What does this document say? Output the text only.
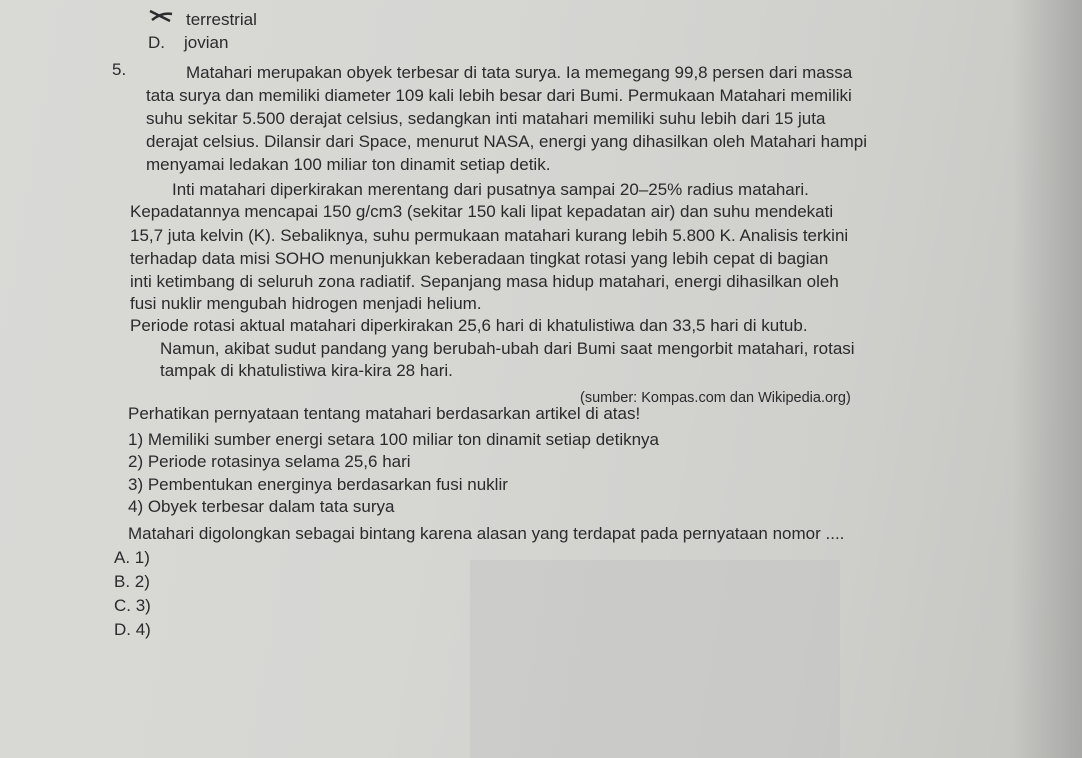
terrestrial
D. jovian
5.	Matahari merupakan obyek terbesar di tata surya. Ia memegang 99,8 persen dari massa
tata surya dan memiliki diameter 109 kali lebih besar dari Bumi. Permukaan Matahari memiliki
suhu sekitar 5.500 derajat celsius, sedangkan inti matahari memiliki suhu lebih dari 15 juta
derajat celsius. Dilansir dari Space, menurut NASA, energi yang dihasilkan oleh Matahari hampi
menyamai ledakan 100 miliar ton dinamit setiap detik.
Inti matahari diperkirakan merentang dari pusatnya sampai 20–25% radius matahari.
Kepadatannya mencapai 150 g/cm3 (sekitar 150 kali lipat kepadatan air) dan suhu mendekati
15,7 juta kelvin (K). Sebaliknya, suhu permukaan matahari kurang lebih 5.800 K. Analisis terkini
terhadap data misi SOHO menunjukkan keberadaan tingkat rotasi yang lebih cepat di bagian
inti ketimbang di seluruh zona radiatif. Sepanjang masa hidup matahari, energi dihasilkan oleh
fusi nuklir mengubah hidrogen menjadi helium.
Periode rotasi aktual matahari diperkirakan 25,6 hari di khatulistiwa dan 33,5 hari di kutub.
Namun, akibat sudut pandang yang berubah-ubah dari Bumi saat mengorbit matahari, rotasi
tampak di khatulistiwa kira-kira 28 hari.
(sumber: Kompas.com dan Wikipedia.org)
Perhatikan pernyataan tentang matahari berdasarkan artikel di atas!
1) Memiliki sumber energi setara 100 miliar ton dinamit setiap detiknya
2) Periode rotasinya selama 25,6 hari
3) Pembentukan energinya berdasarkan fusi nuklir
4) Obyek terbesar dalam tata surya
Matahari digolongkan sebagai bintang karena alasan yang terdapat pada pernyataan nomor ....
A. 1)
B. 2)
C. 3)
D. 4)
